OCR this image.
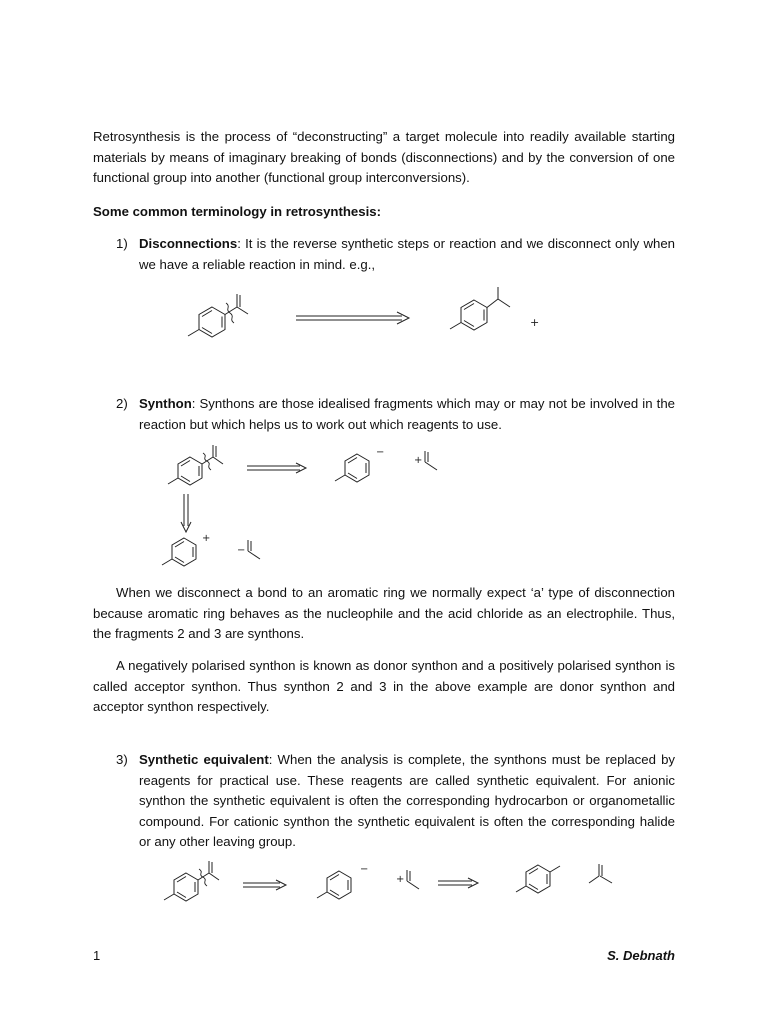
Retrosynthesis is the process of “deconstructing” a target molecule into readily available starting materials by means of imaginary breaking of bonds (disconnections) and by the conversion of one functional group into another (functional group interconversions).

Some common terminology in retrosynthesis:

1) Disconnections: It is the reverse synthetic steps or reaction and we disconnect only when we have a reliable reaction in mind. e.g.,
+
2) Synthon: Synthons are those idealised fragments which may or may not be involved in the reaction but which helps us to work out which reagents to use.
−
+
+
−

When we disconnect a bond to an aromatic ring we normally expect ‘a’ type of disconnection because aromatic ring behaves as the nucleophile and the acid chloride as an electrophile. Thus, the fragments 2 and 3 are synthons.

A negatively polarised synthon is known as donor synthon and a positively polarised synthon is called acceptor synthon. Thus synthon 2 and 3 in the above example are donor synthon and acceptor synthon respectively.

3) Synthetic equivalent: When the analysis is complete, the synthons must be replaced by reagents for practical use. These reagents are called synthetic equivalent. For anionic synthon the synthetic equivalent is often the corresponding hydrocarbon or organometallic compound. For cationic synthon the synthetic equivalent is often the corresponding halide or any other leaving group.
−
+
1	S. Debnath
